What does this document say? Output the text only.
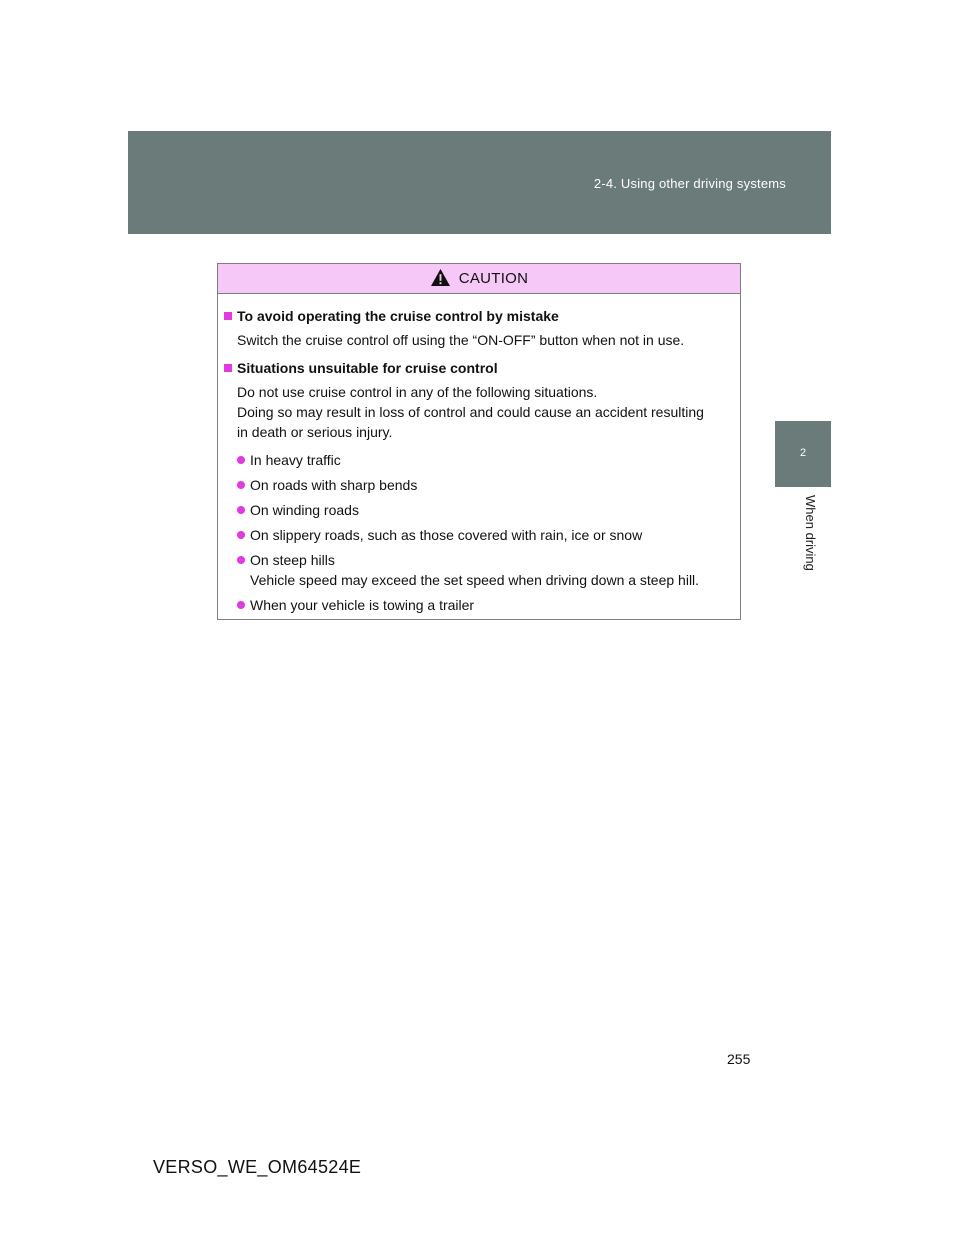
2-4. Using other driving systems
2
When driving
CAUTION
To avoid operating the cruise control by mistake
Switch the cruise control off using the “ON-OFF” button when not in use.
Situations unsuitable for cruise control
Do not use cruise control in any of the following situations.
Doing so may result in loss of control and could cause an accident resulting
in death or serious injury.
In heavy traffic
On roads with sharp bends
On winding roads
On slippery roads, such as those covered with rain, ice or snow
On steep hills
Vehicle speed may exceed the set speed when driving down a steep hill.
When your vehicle is towing a trailer
255
VERSO_WE_OM64524E
